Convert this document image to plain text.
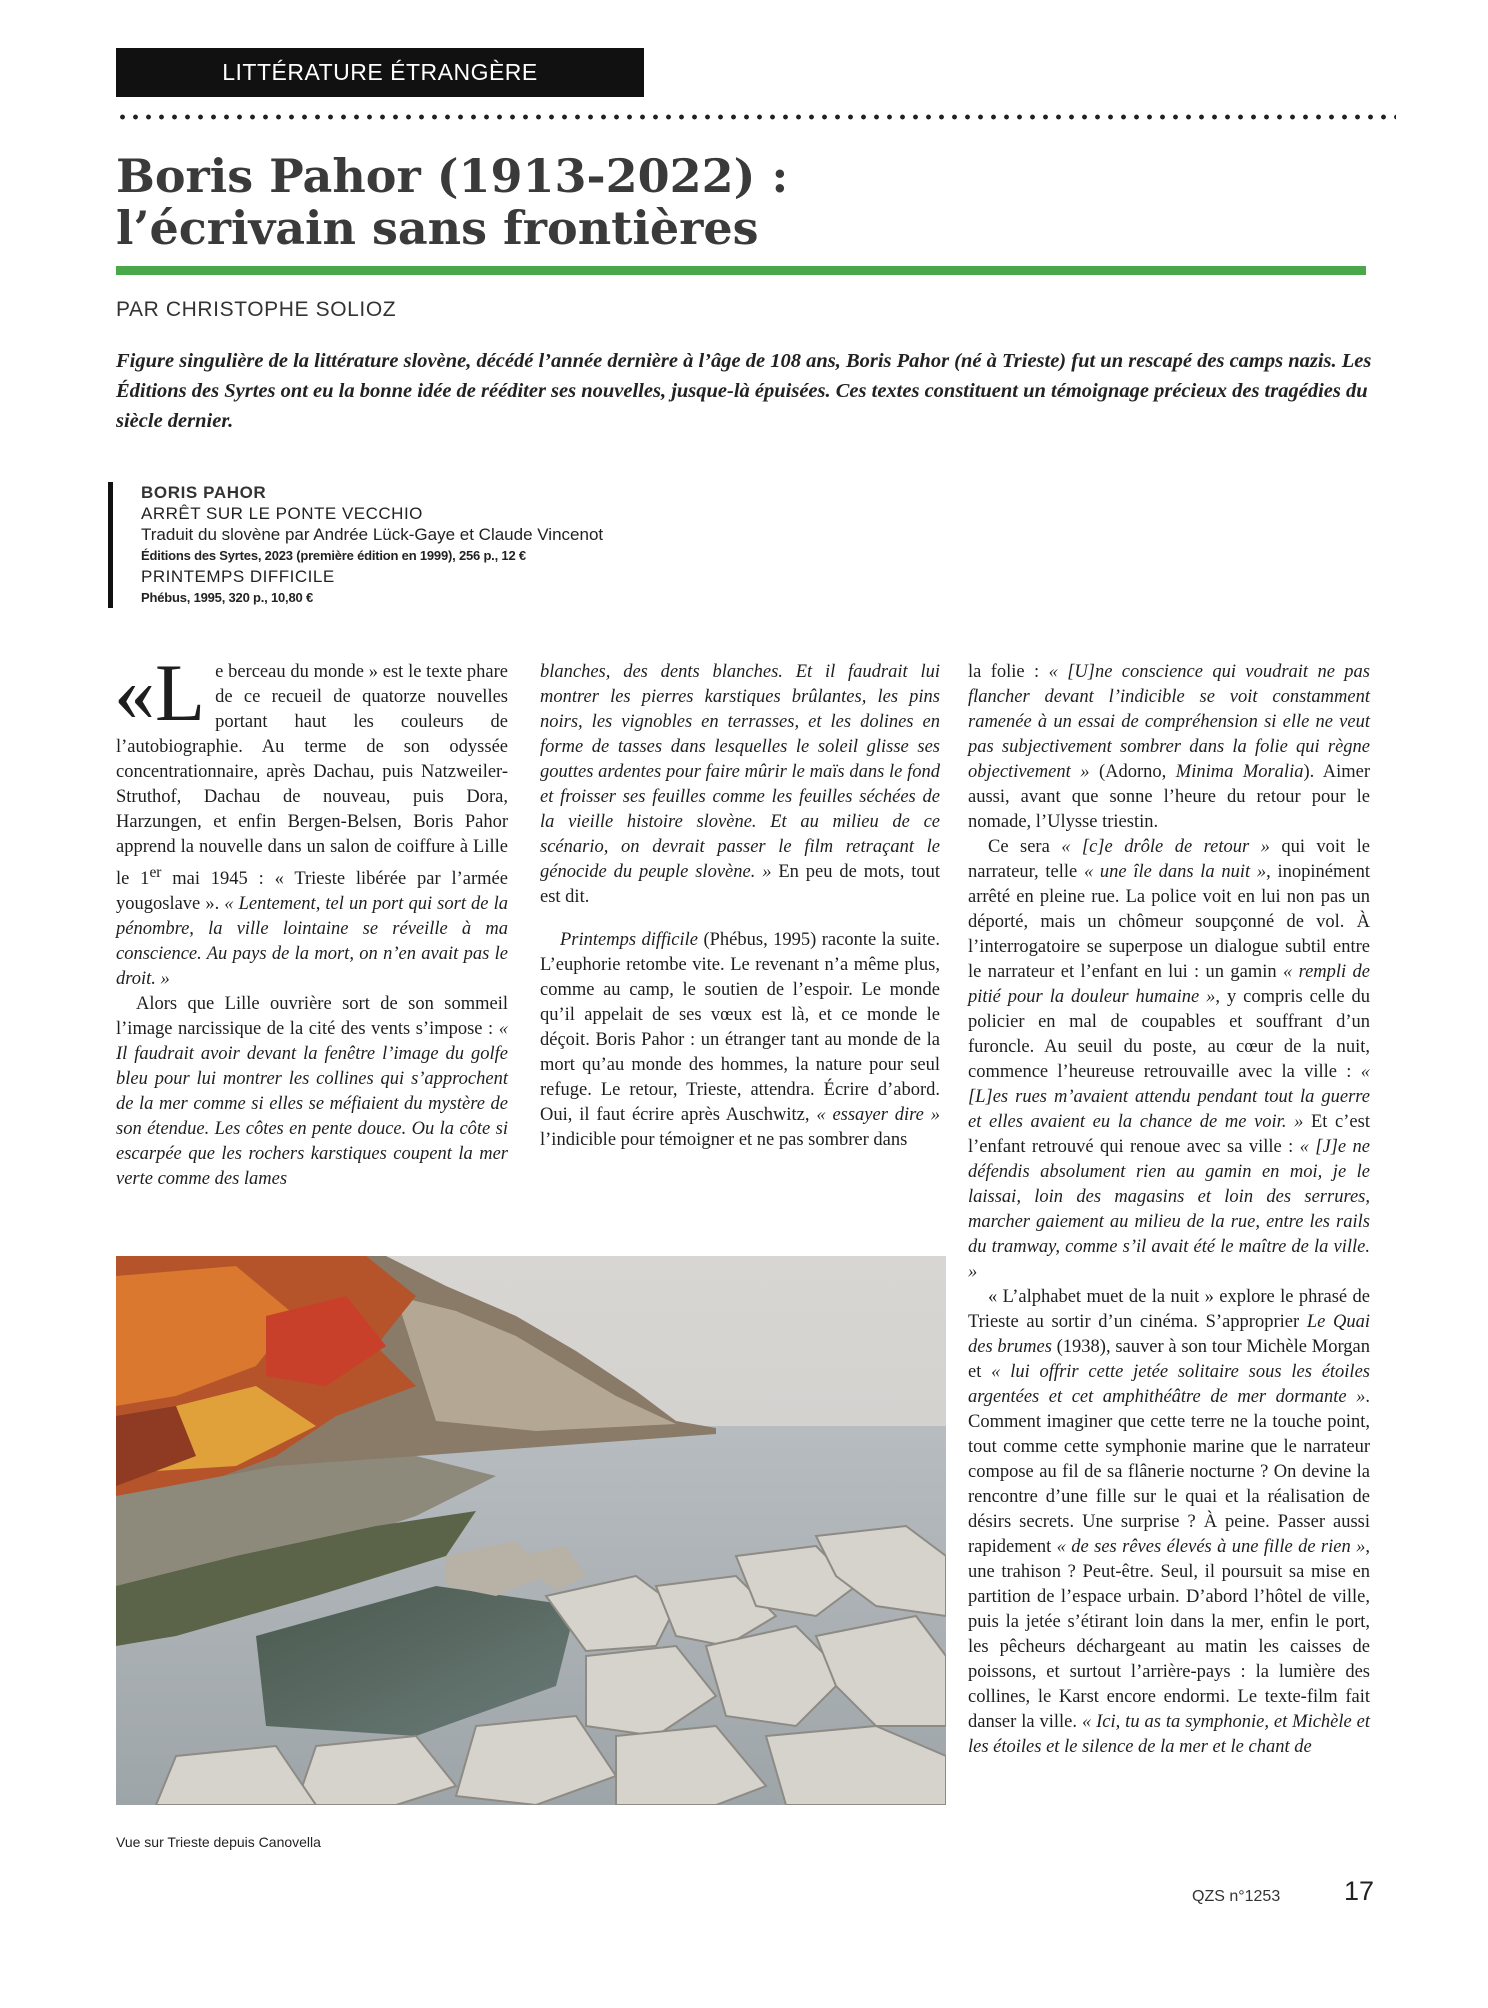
LITTÉRATURE ÉTRANGÈRE
Boris Pahor (1913-2022) :
l’écrivain sans frontières
PAR CHRISTOPHE SOLIOZ
Figure singulière de la littérature slovène, décédé l’année dernière à l’âge de 108 ans, Boris Pahor (né à Trieste) fut un rescapé des camps nazis. Les Éditions des Syrtes ont eu la bonne idée de rééditer ses nouvelles, jusque-là épuisées. Ces textes constituent un témoignage précieux des tragédies du siècle dernier.
BORIS PAHOR
ARRÊT SUR LE PONTE VECCHIO
Traduit du slovène par Andrée Lück-Gaye et Claude Vincenot
Éditions des Syrtes, 2023 (première édition en 1999), 256 p., 12 €
PRINTEMPS DIFFICILE
Phébus, 1995, 320 p., 10,80 €

«Le berceau du monde » est le texte phare de ce recueil de quatorze nouvelles portant haut les couleurs de l’autobiographie. Au terme de son odyssée concentrationnaire, après Dachau, puis Natzweiler-Struthof, Dachau de nouveau, puis Dora, Harzungen, et enfin Bergen-Belsen, Boris Pahor apprend la nouvelle dans un salon de coiffure à Lille le 1er mai 1945 : « Trieste libérée par l’armée yougoslave ». « Lentement, tel un port qui sort de la pénombre, la ville lointaine se réveille à ma conscience. Au pays de la mort, on n’en avait pas le droit. »

Alors que Lille ouvrière sort de son sommeil l’image narcissique de la cité des vents s’impose : « Il faudrait avoir devant la fenêtre l’image du golfe bleu pour lui montrer les collines qui s’approchent de la mer comme si elles se méfiaient du mystère de son étendue. Les côtes en pente douce. Ou la côte si escarpée que les rochers karstiques coupent la mer verte comme des lames

blanches, des dents blanches. Et il faudrait lui montrer les pierres karstiques brûlantes, les pins noirs, les vignobles en terrasses, et les dolines en forme de tasses dans lesquelles le soleil glisse ses gouttes ardentes pour faire mûrir le maïs dans le fond et froisser ses feuilles comme les feuilles séchées de la vieille histoire slovène. Et au milieu de ce scénario, on devrait passer le film retraçant le génocide du peuple slovène. » En peu de mots, tout est dit.

Printemps difficile (Phébus, 1995) raconte la suite. L’euphorie retombe vite. Le revenant n’a même plus, comme au camp, le soutien de l’espoir. Le monde qu’il appelait de ses vœux est là, et ce monde le déçoit. Boris Pahor : un étranger tant au monde de la mort qu’au monde des hommes, la nature pour seul refuge. Le retour, Trieste, attendra. Écrire d’abord. Oui, il faut écrire après Auschwitz, « essayer dire » l’indicible pour témoigner et ne pas sombrer dans

la folie : « [U]ne conscience qui voudrait ne pas flancher devant l’indicible se voit constamment ramenée à un essai de compréhension si elle ne veut pas subjectivement sombrer dans la folie qui règne objectivement » (Adorno, Minima Moralia). Aimer aussi, avant que sonne l’heure du retour pour le nomade, l’Ulysse triestin.

Ce sera « [c]e drôle de retour » qui voit le narrateur, telle « une île dans la nuit », inopinément arrêté en pleine rue. La police voit en lui non pas un déporté, mais un chômeur soupçonné de vol. À l’interrogatoire se superpose un dialogue subtil entre le narrateur et l’enfant en lui : un gamin « rempli de pitié pour la douleur humaine », y compris celle du policier en mal de coupables et souffrant d’un furoncle. Au seuil du poste, au cœur de la nuit, commence l’heureuse retrouvaille avec la ville : « [L]es rues m’avaient attendu pendant tout la guerre et elles avaient eu la chance de me voir. » Et c’est l’enfant retrouvé qui renoue avec sa ville : « [J]e ne défendis absolument rien au gamin en moi, je le laissai, loin des magasins et loin des serrures, marcher gaiement au milieu de la rue, entre les rails du tramway, comme s’il avait été le maître de la ville. »

« L’alphabet muet de la nuit » explore le phrasé de Trieste au sortir d’un cinéma. S’approprier Le Quai des brumes (1938), sauver à son tour Michèle Morgan et « lui offrir cette jetée solitaire sous les étoiles argentées et cet amphithéâtre de mer dormante ». Comment imaginer que cette terre ne la touche point, tout comme cette symphonie marine que le narrateur compose au fil de sa flânerie nocturne ? On devine la rencontre d’une fille sur le quai et la réalisation de désirs secrets. Une surprise ? À peine. Passer aussi rapidement « de ses rêves élevés à une fille de rien », une trahison ? Peut-être. Seul, il poursuit sa mise en partition de l’espace urbain. D’abord l’hôtel de ville, puis la jetée s’étirant loin dans la mer, enfin le port, les pêcheurs déchargeant au matin les caisses de poissons, et surtout l’arrière-pays : la lumière des collines, le Karst encore endormi. Le texte-film fait danser la ville. « Ici, tu as ta symphonie, et Michèle et les étoiles et le silence de la mer et le chant de

Vue sur Trieste depuis Canovella
QZS n°1253 17
